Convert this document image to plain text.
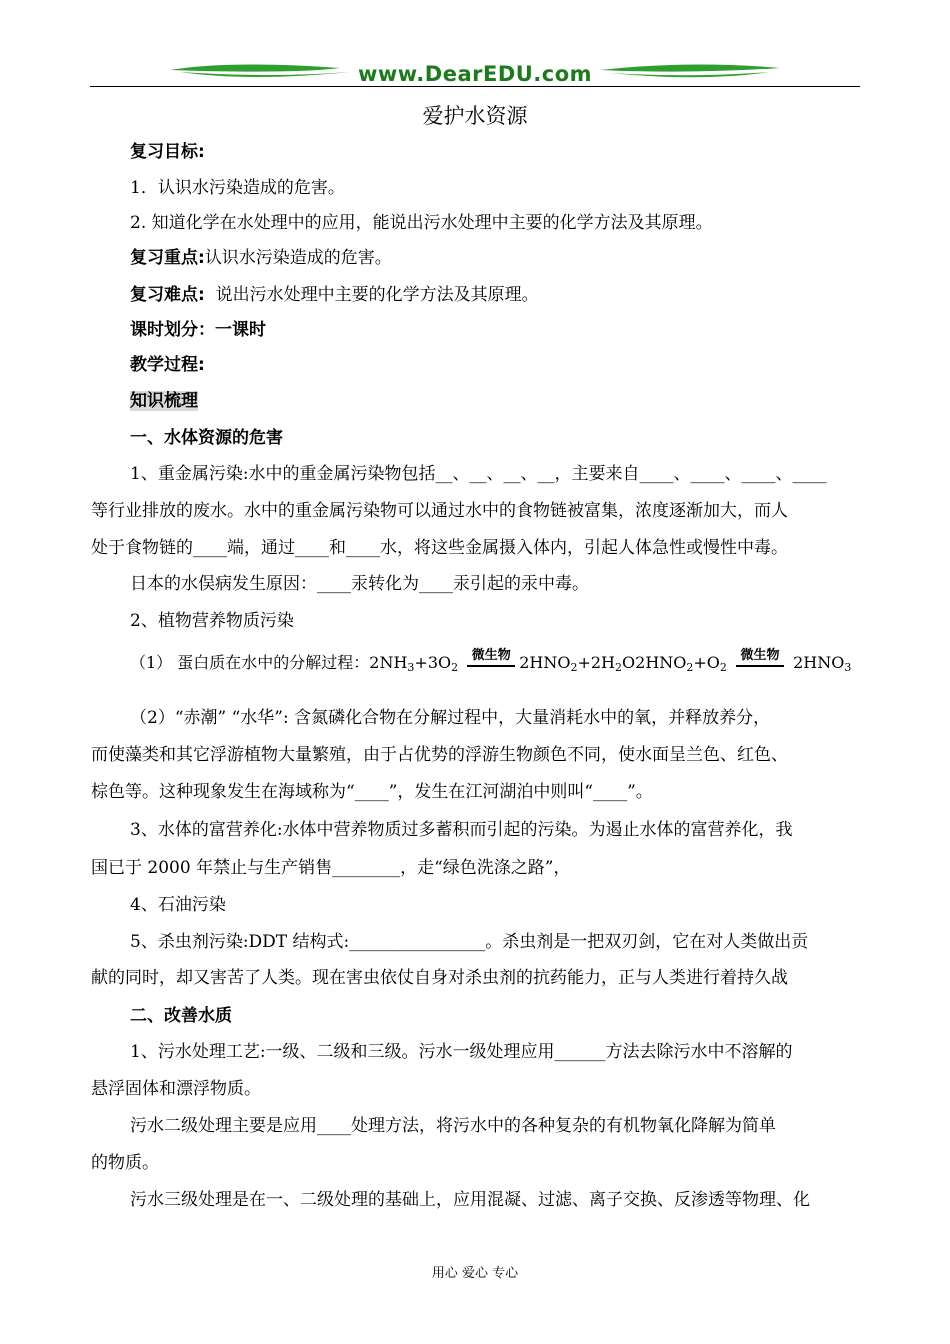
www.DearEDU.com
爱护水资源
复习目标:
1．认识水污染造成的危害。
2. 知道化学在水处理中的应用，能说出污水处理中主要的化学方法及其原理。
复习重点:认识水污染造成的危害。
复习难点:  说出污水处理中主要的化学方法及其原理。
课时划分：一课时
教学过程:
知识梳理
一、水体资源的危害
1、重金属污染:水中的重金属污染物包括__、__、__、__，主要来自____、____、____、____
等行业排放的废水。水中的重金属污染物可以通过水中的食物链被富集，浓度逐渐加大，而人
处于食物链的____端，通过____和____水，将这些金属摄入体内，引起人体急性或慢性中毒。
日本的水俣病发生原因：____汞转化为____汞引起的汞中毒。
2、植物营养物质污染
（1） 蛋白质在水中的分解过程：$2NH_3+3O_2$
微生物 $2HNO_2+2H_2O2HNO_2+O_2$
微生物 $2HNO_3$
（2）“赤潮” “水华”: 含氮磷化合物在分解过程中，大量消耗水中的氧，并释放养分，
而使藻类和其它浮游植物大量繁殖，由于占优势的浮游生物颜色不同，使水面呈兰色、红色、
棕色等。这种现象发生在海域称为“____”，发生在江河湖泊中则叫“____”。
3、水体的富营养化:水体中营养物质过多蓄积而引起的污染。为遏止水体的富营养化，我
国已于 2000 年禁止与生产销售________，走“绿色洗涤之路”，
4、石油污染
5、杀虫剂污染:DDT 结构式:________________。杀虫剂是一把双刃剑，它在对人类做出贡
献的同时，却又害苦了人类。现在害虫依仗自身对杀虫剂的抗药能力，正与人类进行着持久战
二、改善水质
1、污水处理工艺:一级、二级和三级。污水一级处理应用______方法去除污水中不溶解的
悬浮固体和漂浮物质。
污水二级处理主要是应用____处理方法，将污水中的各种复杂的有机物氧化降解为简单
的物质。
污水三级处理是在一、二级处理的基础上，应用混凝、过滤、离子交换、反渗透等物理、化
用心 爱心 专心
